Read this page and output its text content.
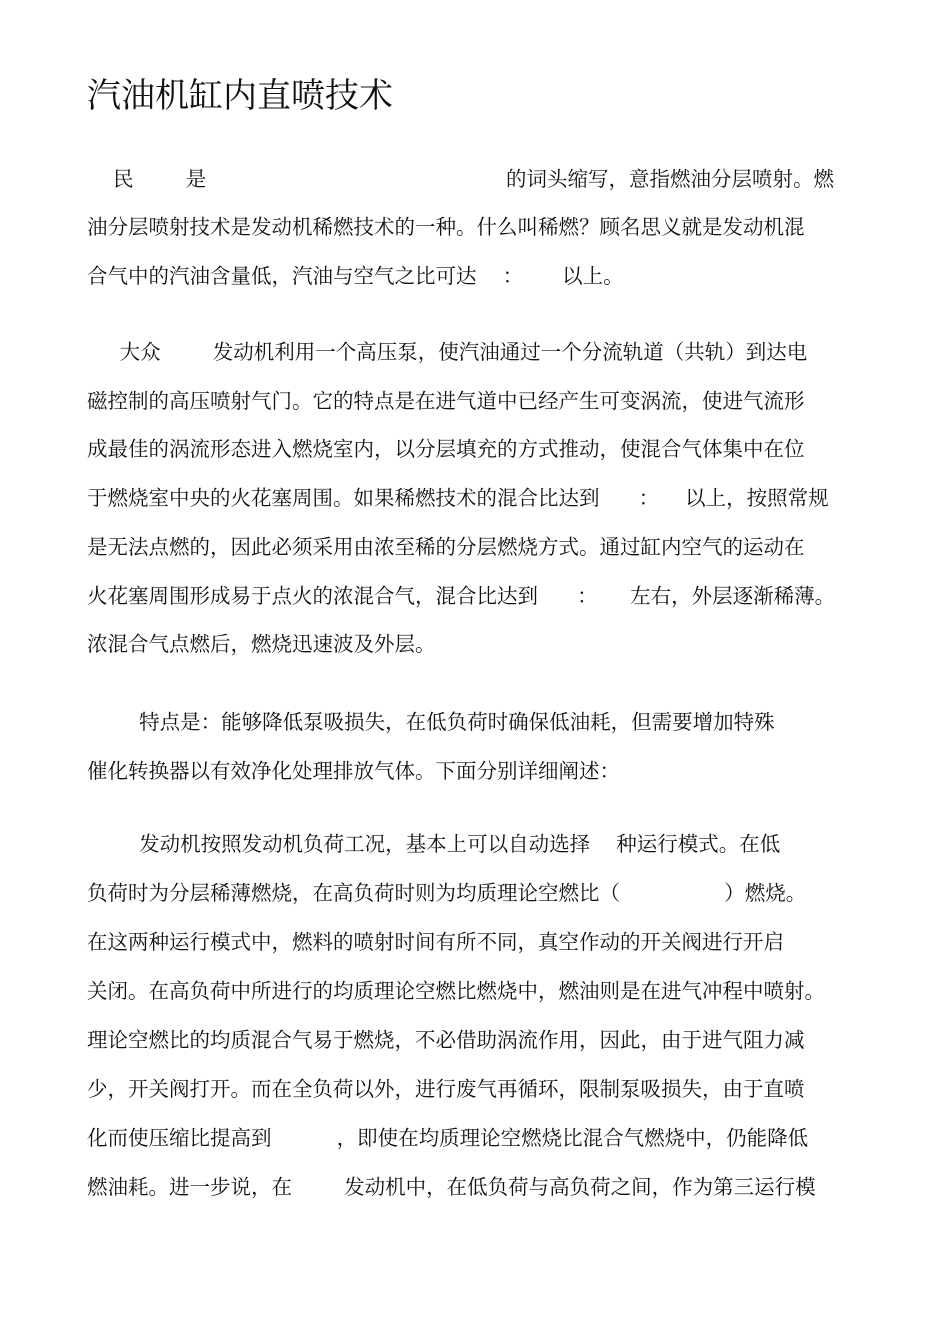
汽油机缸内直喷技术

民        是                                              的词头缩写，意指燃油分层喷射。燃

油分层喷射技术是发动机稀燃技术的一种。什么叫稀燃？顾名思义就是发动机混

合气中的汽油含量低，汽油与空气之比可达    ：      以上。

大众        发动机利用一个高压泵，使汽油通过一个分流轨道（共轨）到达电

磁控制的高压喷射气门。它的特点是在进气道中已经产生可变涡流，使进气流形

成最佳的涡流形态进入燃烧室内，以分层填充的方式推动，使混合气体集中在位

于燃烧室中央的火花塞周围。如果稀燃技术的混合比达到      ：    以上，按照常规

是无法点燃的，因此必须采用由浓至稀的分层燃烧方式。通过缸内空气的运动在

火花塞周围形成易于点火的浓混合气，混合比达到      ：     左右，外层逐渐稀薄。

浓混合气点燃后，燃烧迅速波及外层。

特点是：能够降低泵吸损失，在低负荷时确保低油耗，但需要增加特殊

催化转换器以有效净化处理排放气体。下面分别详细阐述：

发动机按照发动机负荷工况，基本上可以自动选择    种运行模式。在低

负荷时为分层稀薄燃烧，在高负荷时则为均质理论空燃比（                ）燃烧。

在这两种运行模式中，燃料的喷射时间有所不同，真空作动的开关阀进行开启

关闭。在高负荷中所进行的均质理论空燃比燃烧中，燃油则是在进气冲程中喷射。

理论空燃比的均质混合气易于燃烧，不必借助涡流作用，因此，由于进气阻力减

少，开关阀打开。而在全负荷以外，进行废气再循环，限制泵吸损失，由于直喷

化而使压缩比提高到          ，即使在均质理论空燃烧比混合气燃烧中，仍能降低

燃油耗。进一步说，在        发动机中，在低负荷与高负荷之间，作为第三运行模
